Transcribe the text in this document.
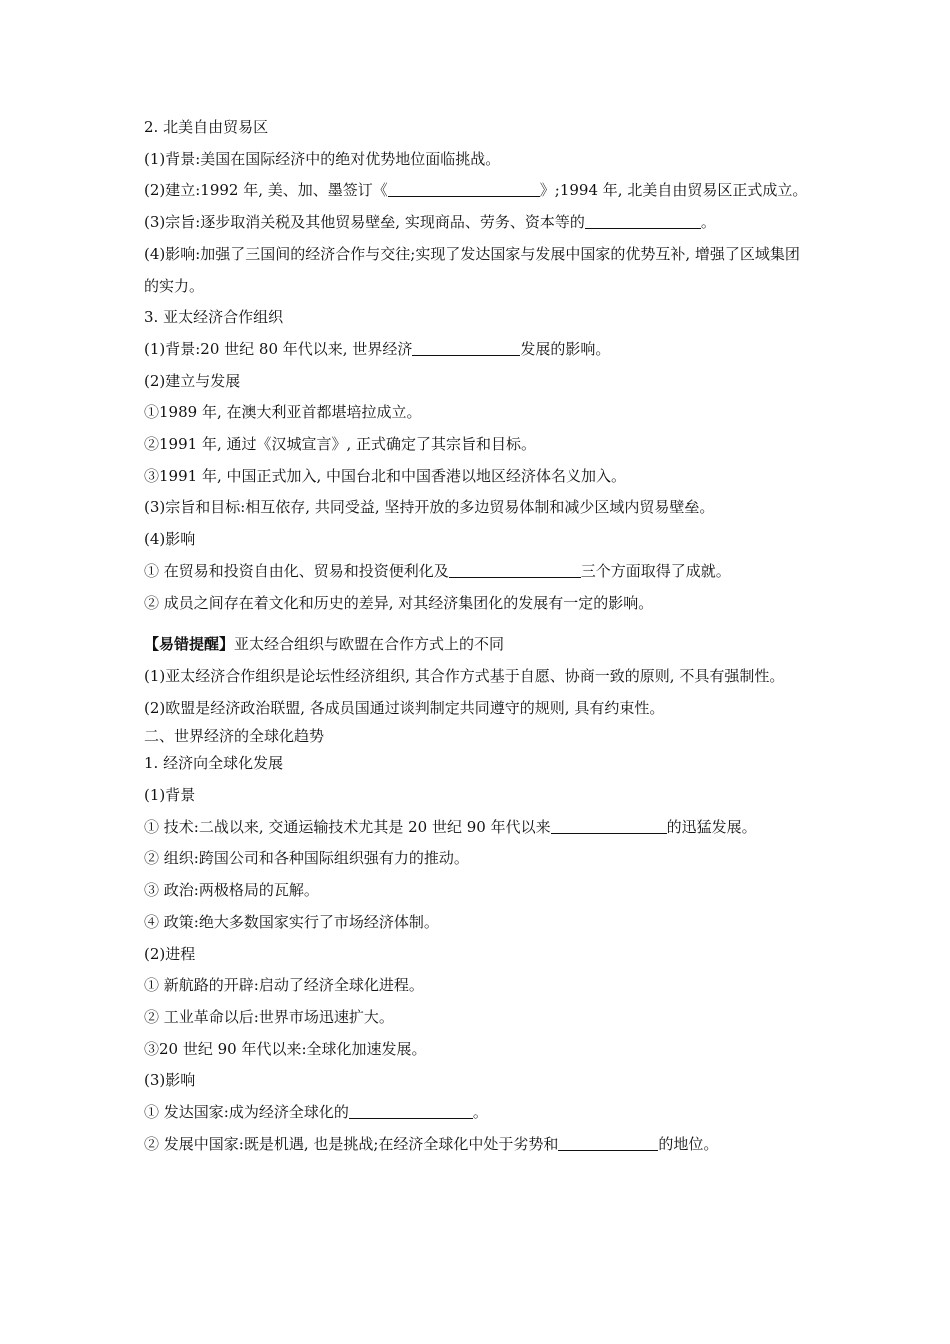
2. 北美自由贸易区

(1)背景:美国在国际经济中的绝对优势地位面临挑战。

(2)建立:1992 年, 美、加、墨签订《	》;1994 年, 北美自由贸易区正式成立。

(3)宗旨:逐步取消关税及其他贸易壁垒, 实现商品、劳务、资本等的	。

(4)影响:加强了三国间的经济合作与交往;实现了发达国家与发展中国家的优势互补, 增强了区域集团的实力。

3. 亚太经济合作组织

(1)背景:20 世纪 80 年代以来, 世界经济	发展的影响。

(2)建立与发展

①1989 年, 在澳大利亚首都堪培拉成立。

②1991 年, 通过《汉城宣言》, 正式确定了其宗旨和目标。

③1991 年, 中国正式加入, 中国台北和中国香港以地区经济体名义加入。

(3)宗旨和目标:相互依存, 共同受益, 坚持开放的多边贸易体制和减少区域内贸易壁垒。

(4)影响

① 在贸易和投资自由化、贸易和投资便利化及	三个方面取得了成就。

② 成员之间存在着文化和历史的差异, 对其经济集团化的发展有一定的影响。

【易错提醒】亚太经合组织与欧盟在合作方式上的不同

(1)亚太经济合作组织是论坛性经济组织, 其合作方式基于自愿、协商一致的原则, 不具有强制性。

(2)欧盟是经济政治联盟, 各成员国通过谈判制定共同遵守的规则, 具有约束性。

二、世界经济的全球化趋势

1. 经济向全球化发展

(1)背景

① 技术:二战以来, 交通运输技术尤其是 20 世纪 90 年代以来	的迅猛发展。

② 组织:跨国公司和各种国际组织强有力的推动。

③ 政治:两极格局的瓦解。

④ 政策:绝大多数国家实行了市场经济体制。

(2)进程

① 新航路的开辟:启动了经济全球化进程。

② 工业革命以后:世界市场迅速扩大。

③20 世纪 90 年代以来:全球化加速发展。

(3)影响

① 发达国家:成为经济全球化的	。

② 发展中国家:既是机遇, 也是挑战;在经济全球化中处于劣势和	的地位。
